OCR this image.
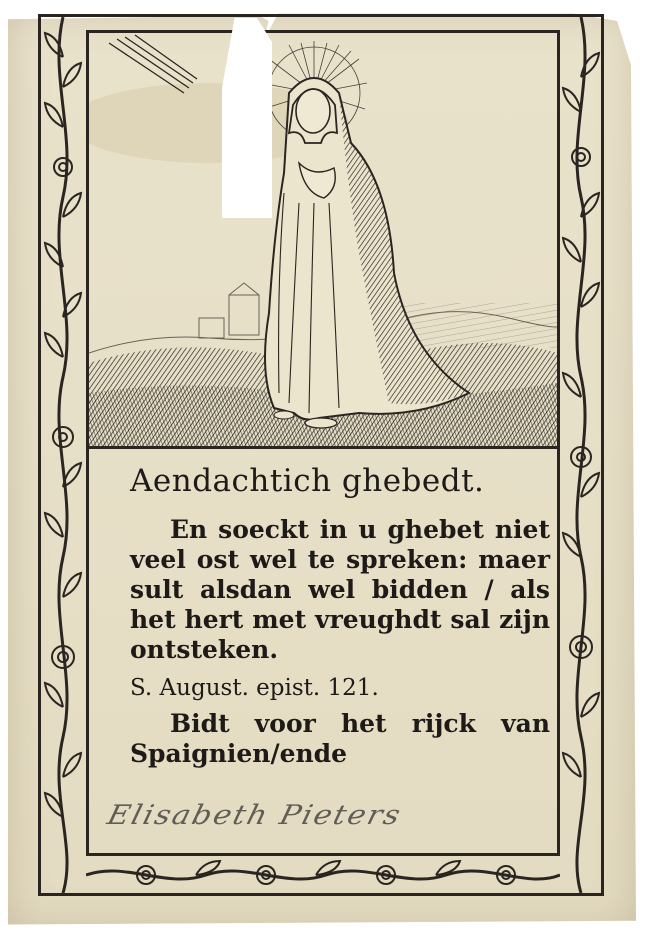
Aendachtich ghebedt.

En soeckt in u ghebet niet
veel ost wel te spreken: maer
sult alsdan wel bidden / als
het hert met vreughdt sal zijn
ontsteken.

S. August. epist. 121.

Bidt voor het rijck van
Spaignien/ende

Elisabeth Pieters
